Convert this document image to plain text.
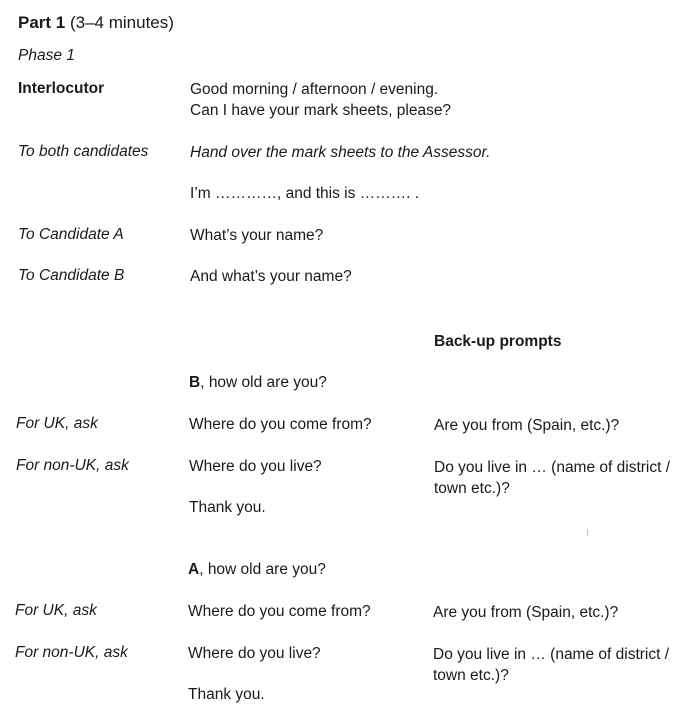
Part 1 (3–4 minutes)
Phase 1
Interlocutor	Good morning / afternoon / evening.
Can I have your mark sheets, please?
To both candidates	Hand over the mark sheets to the Assessor.
I’m …………, and this is ………. .
To Candidate A	What’s your name?
To Candidate B	And what’s your name?
Back-up prompts
B, how old are you?
For UK, ask	Where do you come from?	Are you from (Spain, etc.)?
For non-UK, ask	Where do you live?	Do you live in … (name of district / town etc.)?
Thank you.
A, how old are you?
For UK, ask	Where do you come from?	Are you from (Spain, etc.)?
For non-UK, ask	Where do you live?	Do you live in … (name of district / town etc.)?
Thank you.
